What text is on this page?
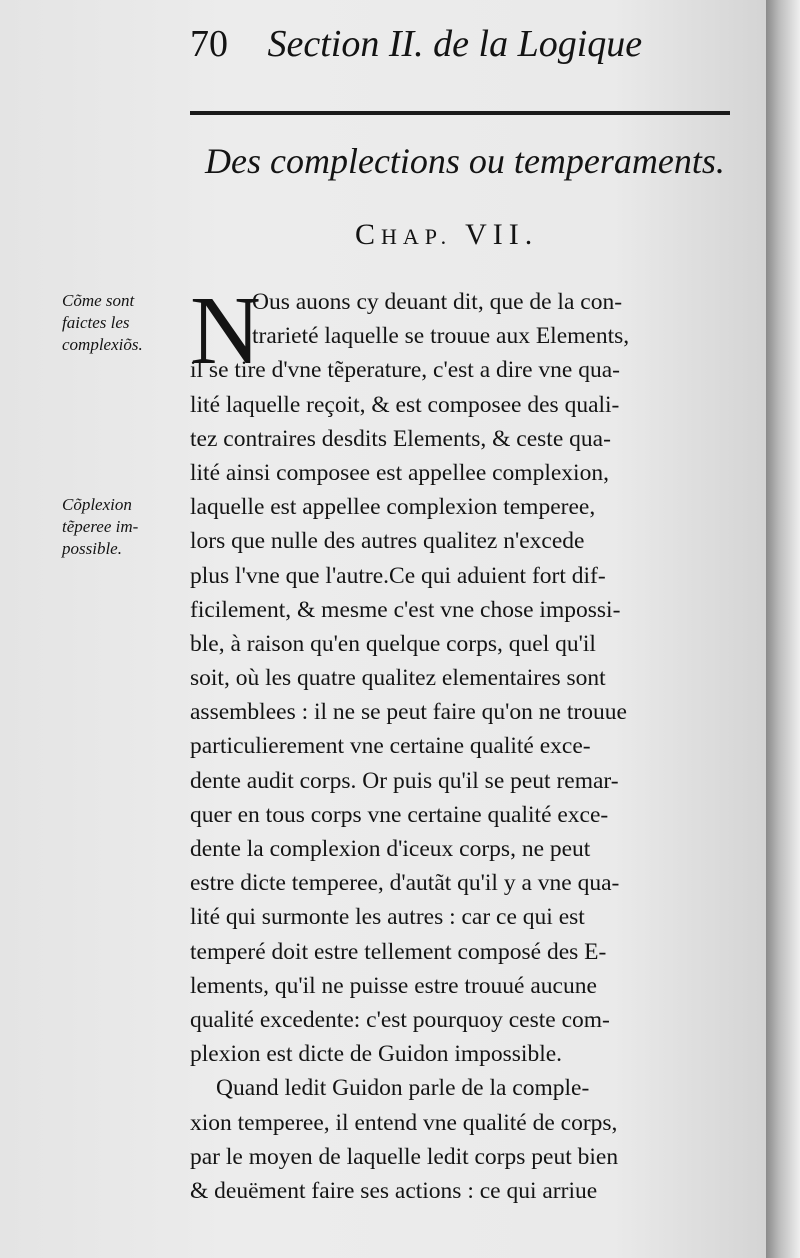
70 Section II. de la Logique
Des complections ou temperaments.
CHAP. VII.
Cõme sont
faictes les
complexiõs.
Cõplexion
tẽperee im-
possible.
N
Ous auons cy deuant dit, que de la con-
trarieté laquelle se trouue aux Elements,
il se tire d'vne tẽperature, c'est a dire vne qua-
lité laquelle reçoit, & est composee des quali-
tez contraires desdits Elements, & ceste qua-
lité ainsi composee est appellee complexion,
laquelle est appellee complexion temperee,
lors que nulle des autres qualitez n'excede
plus l'vne que l'autre.Ce qui aduient fort dif-
ficilement, & mesme c'est vne chose impossi-
ble, à raison qu'en quelque corps, quel qu'il
soit, où les quatre qualitez elementaires sont
assemblees : il ne se peut faire qu'on ne trouue
particulierement vne certaine qualité exce-
dente audit corps. Or puis qu'il se peut remar-
quer en tous corps vne certaine qualité exce-
dente la complexion d'iceux corps, ne peut
estre dicte temperee, d'autãt qu'il y a vne qua-
lité qui surmonte les autres : car ce qui est
temperé doit estre tellement composé des E-
lements, qu'il ne puisse estre trouué aucune
qualité excedente: c'est pourquoy ceste com-
plexion est dicte de Guidon impossible.
Quand ledit Guidon parle de la comple-
xion temperee, il entend vne qualité de corps,
par le moyen de laquelle ledit corps peut bien
& deuëment faire ses actions : ce qui arriue
